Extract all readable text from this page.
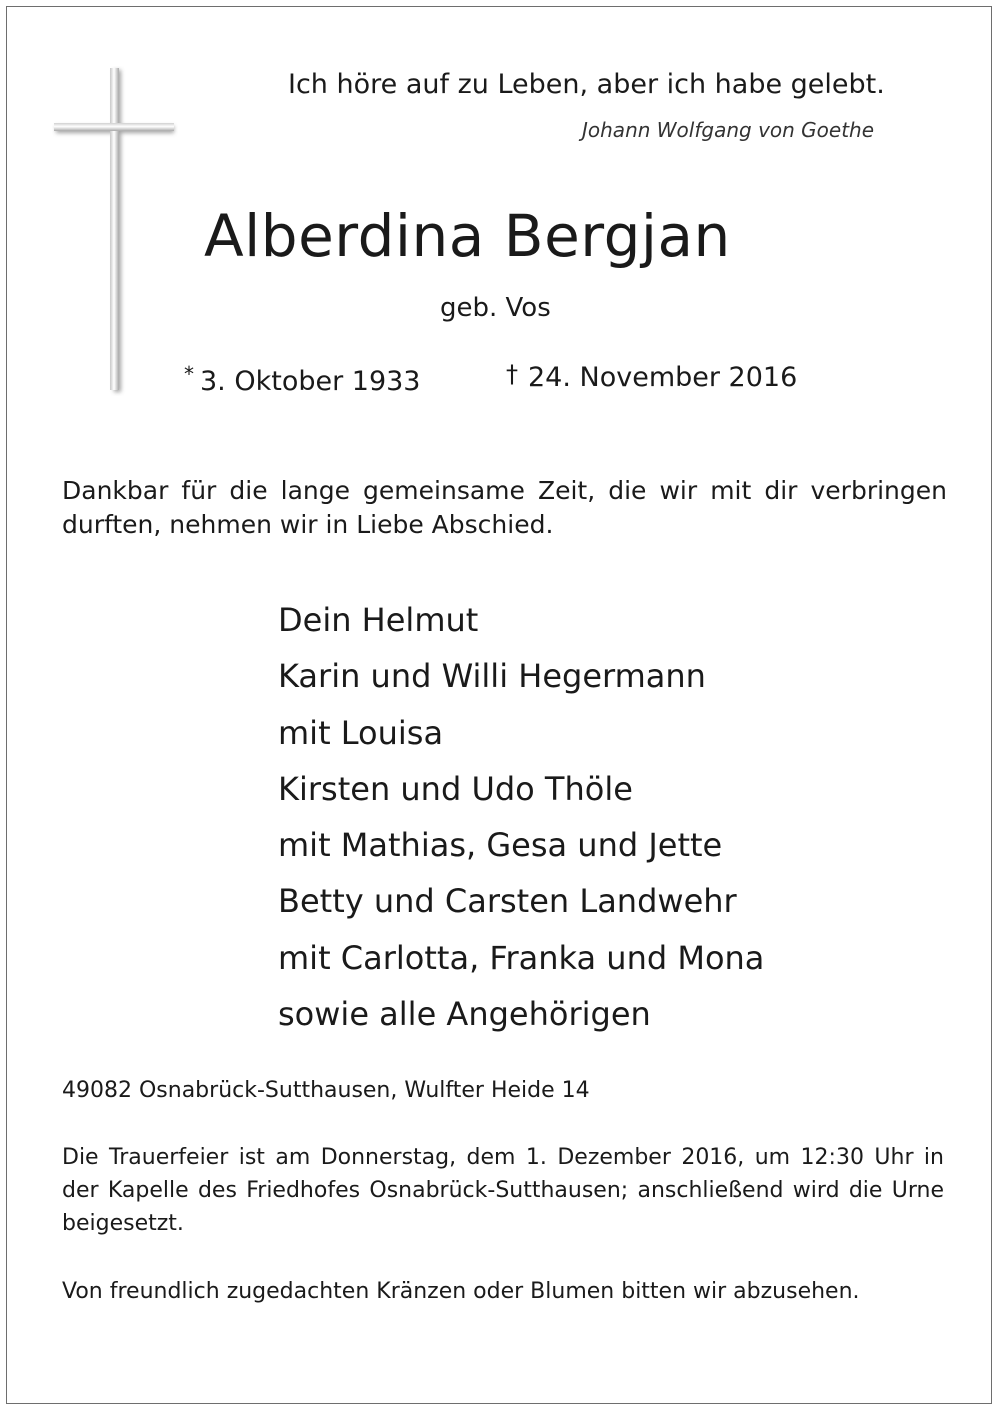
Ich höre auf zu Leben, aber ich habe gelebt.
Johann Wolfgang von Goethe
Alberdina Bergjan
geb. Vos
* 3. Oktober 1933	† 24. November 2016
Dankbar für die lange gemeinsame Zeit, die wir mit dir verbringen durften, nehmen wir in Liebe Abschied.
Dein Helmut
Karin und Willi Hegermann
mit Louisa
Kirsten und Udo Thöle
mit Mathias, Gesa und Jette
Betty und Carsten Landwehr
mit Carlotta, Franka und Mona
sowie alle Angehörigen
49082 Osnabrück-Sutthausen, Wulfter Heide 14
Die Trauerfeier ist am Donnerstag, dem 1. Dezember 2016, um 12:30 Uhr in der Kapelle des Friedhofes Osnabrück-Sutthausen; anschließend wird die Urne beigesetzt.
Von freundlich zugedachten Kränzen oder Blumen bitten wir abzusehen.
